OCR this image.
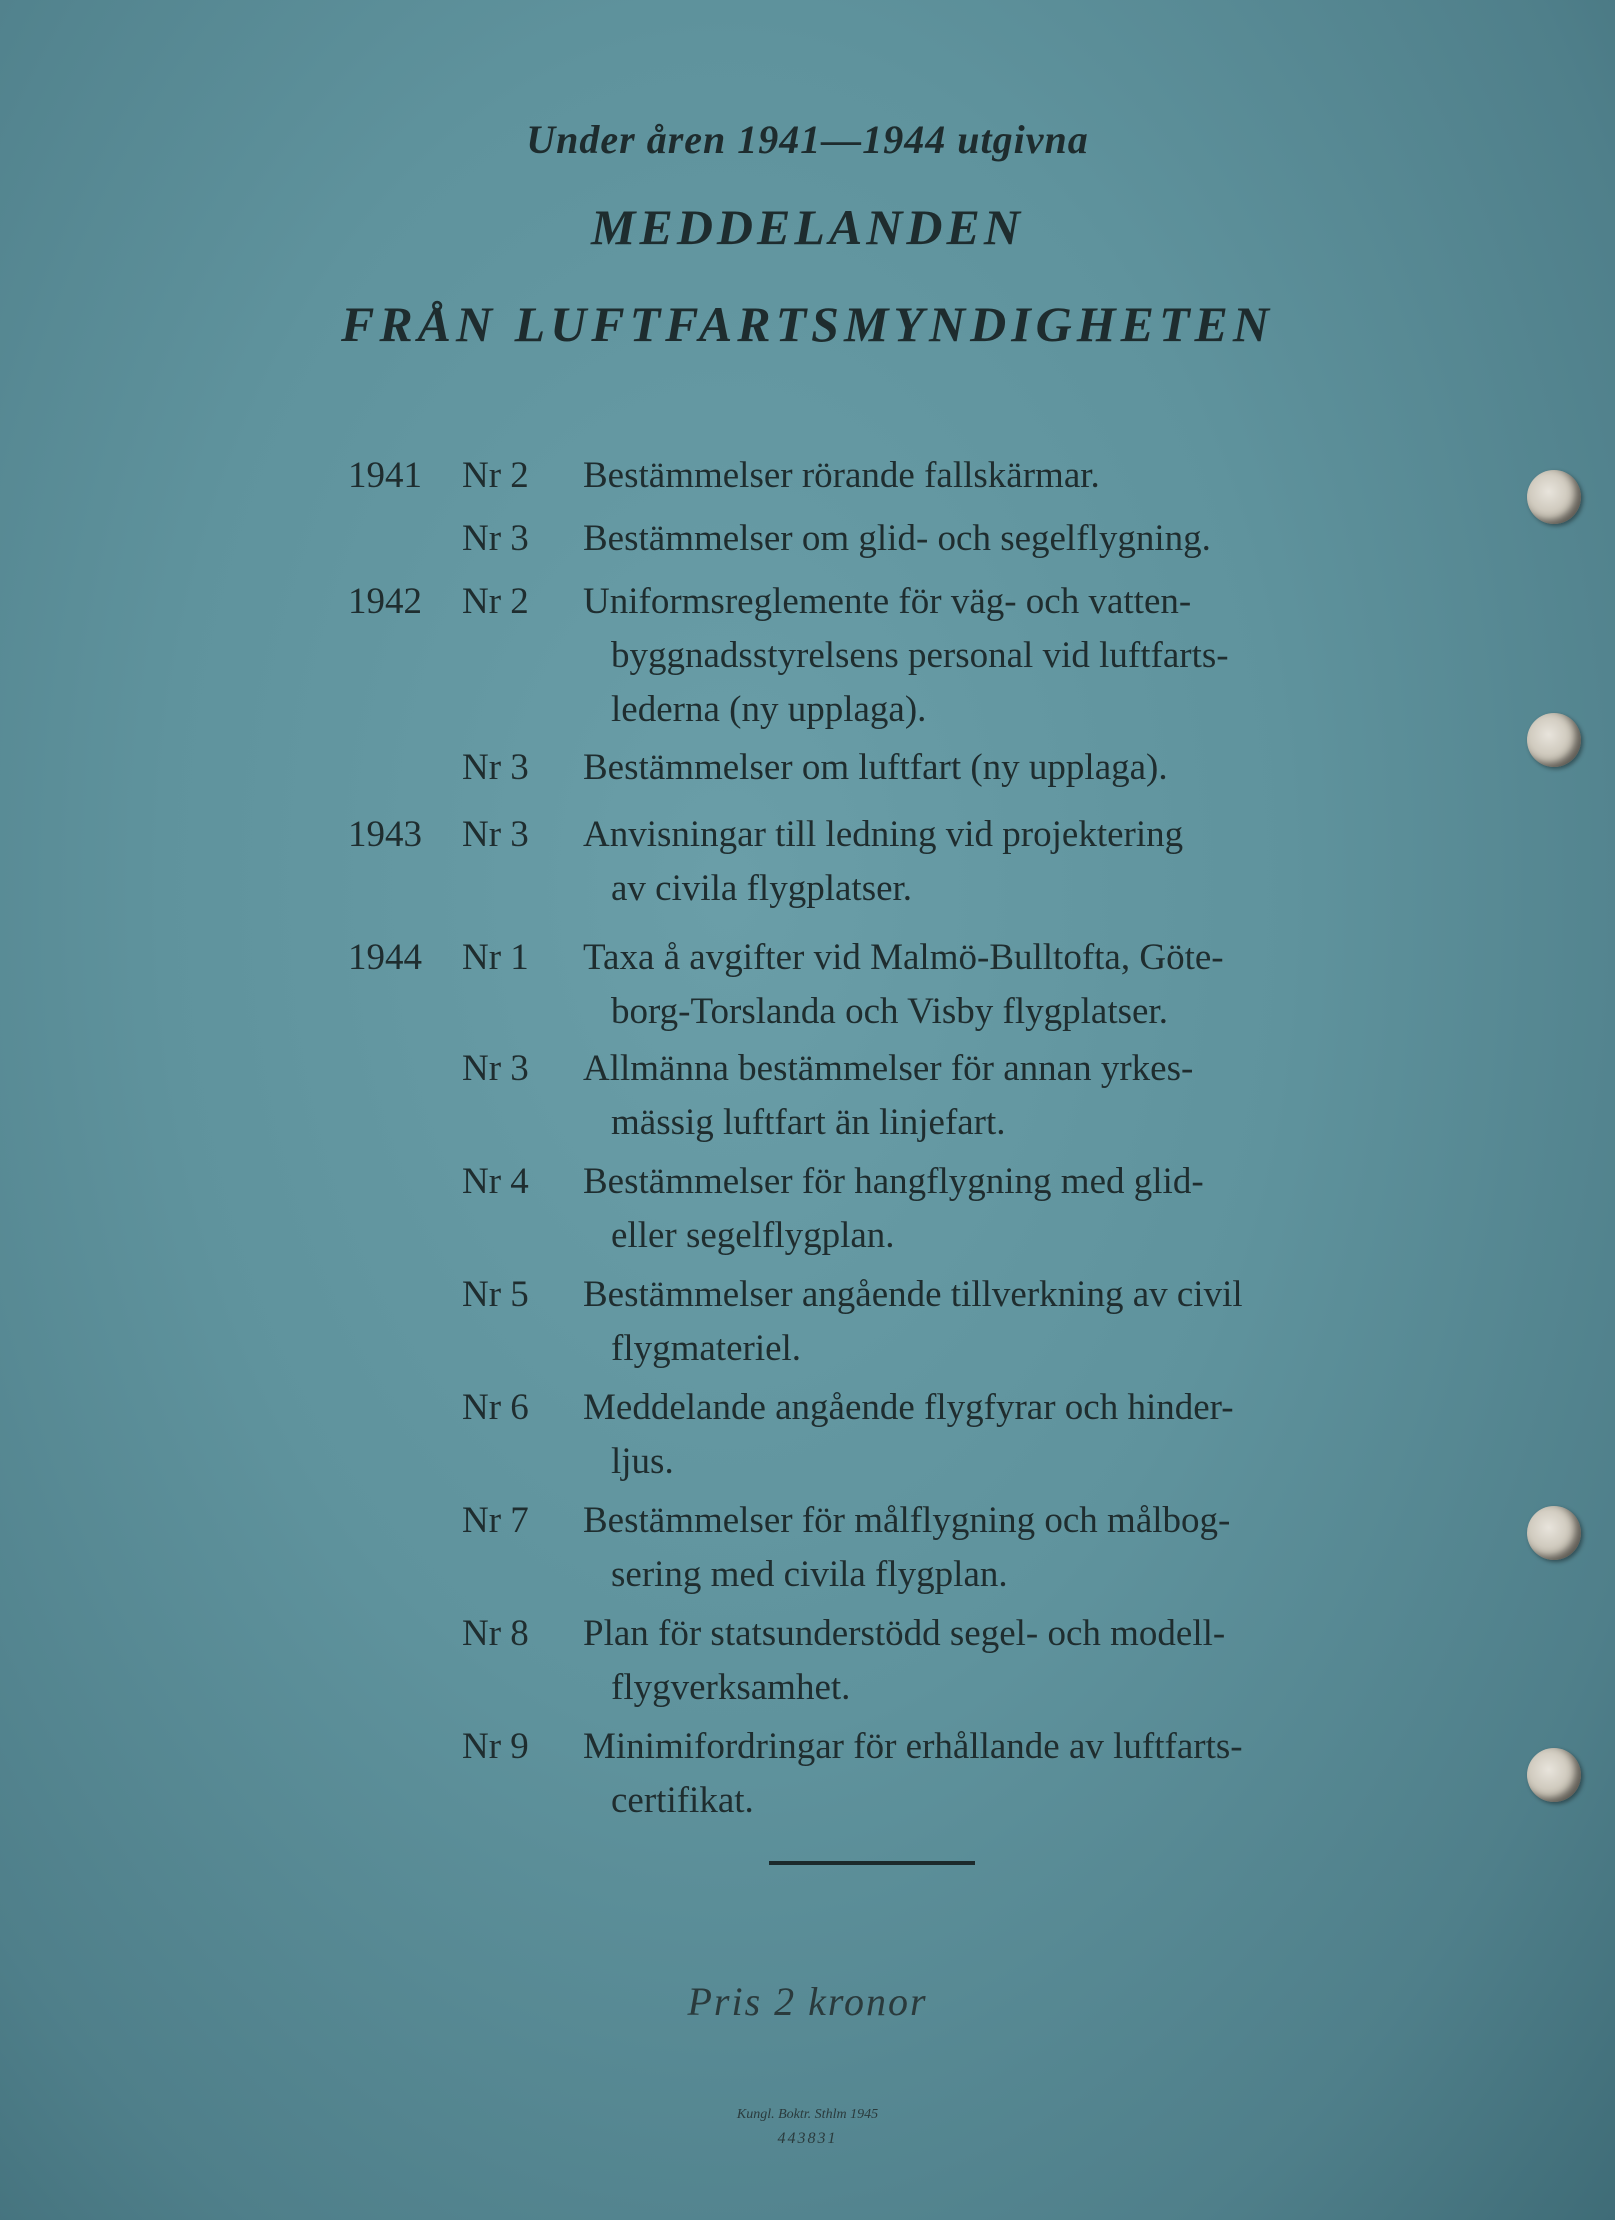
Under åren 1941—1944 utgivna
MEDDELANDEN
FRÅN LUFTFARTSMYNDIGHETEN
1941 Nr 2 Bestämmelser rörande fallskärmar.
Nr 3 Bestämmelser om glid- och segelflygning.
1942 Nr 2 Uniformsreglemente för väg- och vatten-
byggnadsstyrelsens personal vid luftfarts-
lederna (ny upplaga).
Nr 3 Bestämmelser om luftfart (ny upplaga).
1943 Nr 3 Anvisningar till ledning vid projektering
av civila flygplatser.
1944 Nr 1 Taxa å avgifter vid Malmö-Bulltofta, Göte-
borg-Torslanda och Visby flygplatser.
Nr 3 Allmänna bestämmelser för annan yrkes-
mässig luftfart än linjefart.
Nr 4 Bestämmelser för hangflygning med glid-
eller segelflygplan.
Nr 5 Bestämmelser angående tillverkning av civil
flygmateriel.
Nr 6 Meddelande angående flygfyrar och hinder-
ljus.
Nr 7 Bestämmelser för målflygning och målbog-
sering med civila flygplan.
Nr 8 Plan för statsunderstödd segel- och modell-
flygverksamhet.
Nr 9 Minimifordringar för erhållande av luftfarts-
certifikat.
Pris 2 kronor
Kungl. Boktr. Sthlm 1945
443831
